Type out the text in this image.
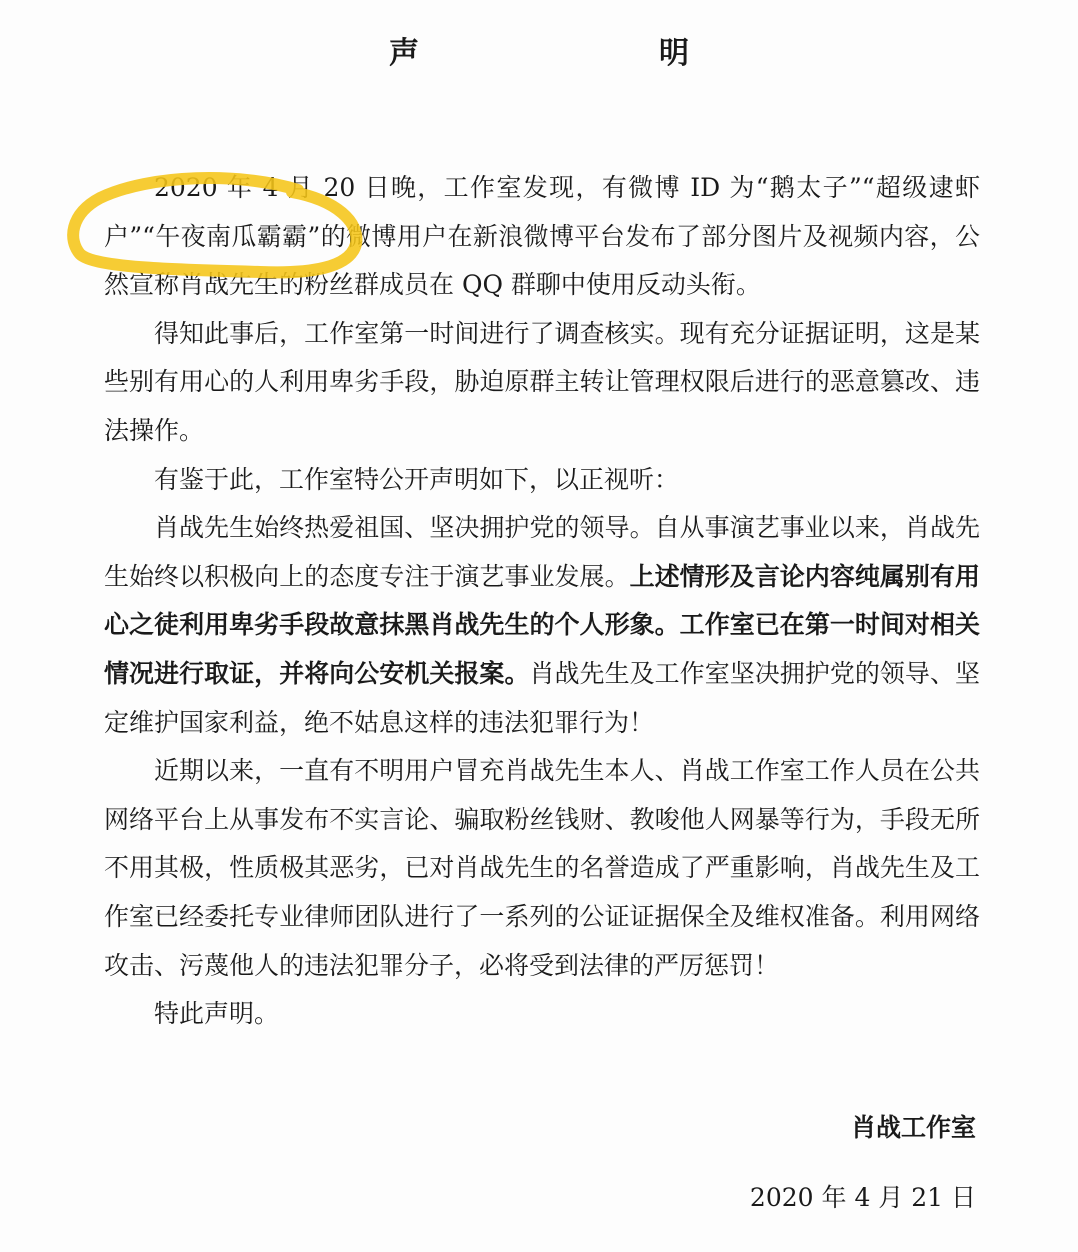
声　　明

2020 年 4 月 20 日晚，工作室发现，有微博 ID 为“鹅太子”“超级逮虾户”“午夜南瓜霸霸”的微博用户在新浪微博平台发布了部分图片及视频内容，公然宣称肖战先生的粉丝群成员在 QQ 群聊中使用反动头衔。

得知此事后，工作室第一时间进行了调查核实。现有充分证据证明，这是某些别有用心的人利用卑劣手段，胁迫原群主转让管理权限后进行的恶意篡改、违法操作。

有鉴于此，工作室特公开声明如下，以正视听：

肖战先生始终热爱祖国、坚决拥护党的领导。自从事演艺事业以来，肖战先生始终以积极向上的态度专注于演艺事业发展。上述情形及言论内容纯属别有用心之徒利用卑劣手段故意抹黑肖战先生的个人形象。工作室已在第一时间对相关情况进行取证，并将向公安机关报案。肖战先生及工作室坚决拥护党的领导、坚定维护国家利益，绝不姑息这样的违法犯罪行为！

近期以来，一直有不明用户冒充肖战先生本人、肖战工作室工作人员在公共网络平台上从事发布不实言论、骗取粉丝钱财、教唆他人网暴等行为，手段无所不用其极，性质极其恶劣，已对肖战先生的名誉造成了严重影响，肖战先生及工作室已经委托专业律师团队进行了一系列的公证证据保全及维权准备。利用网络攻击、污蔑他人的违法犯罪分子，必将受到法律的严厉惩罚！

特此声明。

肖战工作室
2020 年 4 月 21 日
